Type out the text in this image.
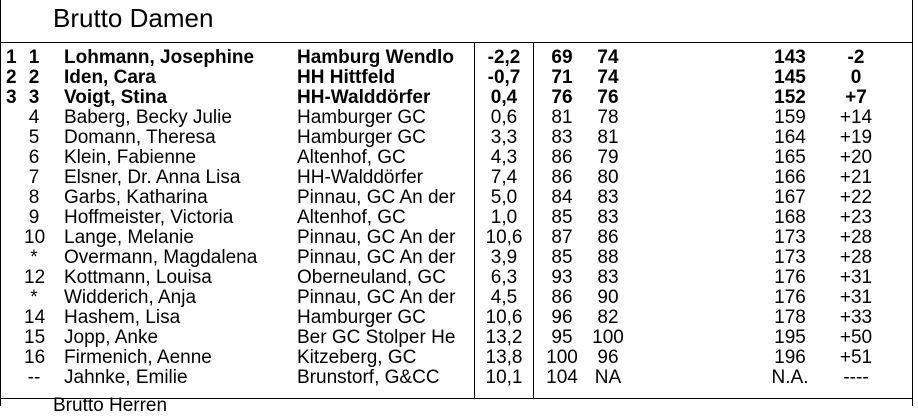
Brutto Damen
1 1 Lohmann, Josephine	Hamburg Wendlo	-2,2	69	74	143	-2
2 2 Iden, Cara	HH Hittfeld	-0,7	71	74	145	0
3 3 Voigt, Stina	HH-Walddörfer	0,4	76	76	152	+7
4 Baberg, Becky Julie	Hamburger GC	0,6	81	78	159	+14
5 Domann, Theresa	Hamburger GC	3,3	83	81	164	+19
6 Klein, Fabienne	Altenhof, GC	4,3	86	79	165	+20
7 Elsner, Dr. Anna Lisa	HH-Walddörfer	7,4	86	80	166	+21
8 Garbs, Katharina	Pinnau, GC An der	5,0	84	83	167	+22
9 Hoffmeister, Victoria	Altenhof, GC	1,0	85	83	168	+23
10 Lange, Melanie	Pinnau, GC An der	10,6	87	86	173	+28
*	Overmann, Magdalena	Pinnau, GC An der	3,9	85	88	173	+28
12 Kottmann, Louisa	Oberneuland, GC	6,3	93	83	176	+31
*	Widderich, Anja	Pinnau, GC An der	4,5	86	90	176	+31
14 Hashem, Lisa	Hamburger GC	10,6	96	82	178	+33
15 Jopp, Anke	Ber GC Stolper He	13,2	95	100	195	+50
16 Firmenich, Aenne	Kitzeberg, GC	13,8	100	96	196	+51
-- Jahnke, Emilie	Brunstorf, G&CC	10,1	104 NA	N.A.	----
Brutto Herren
